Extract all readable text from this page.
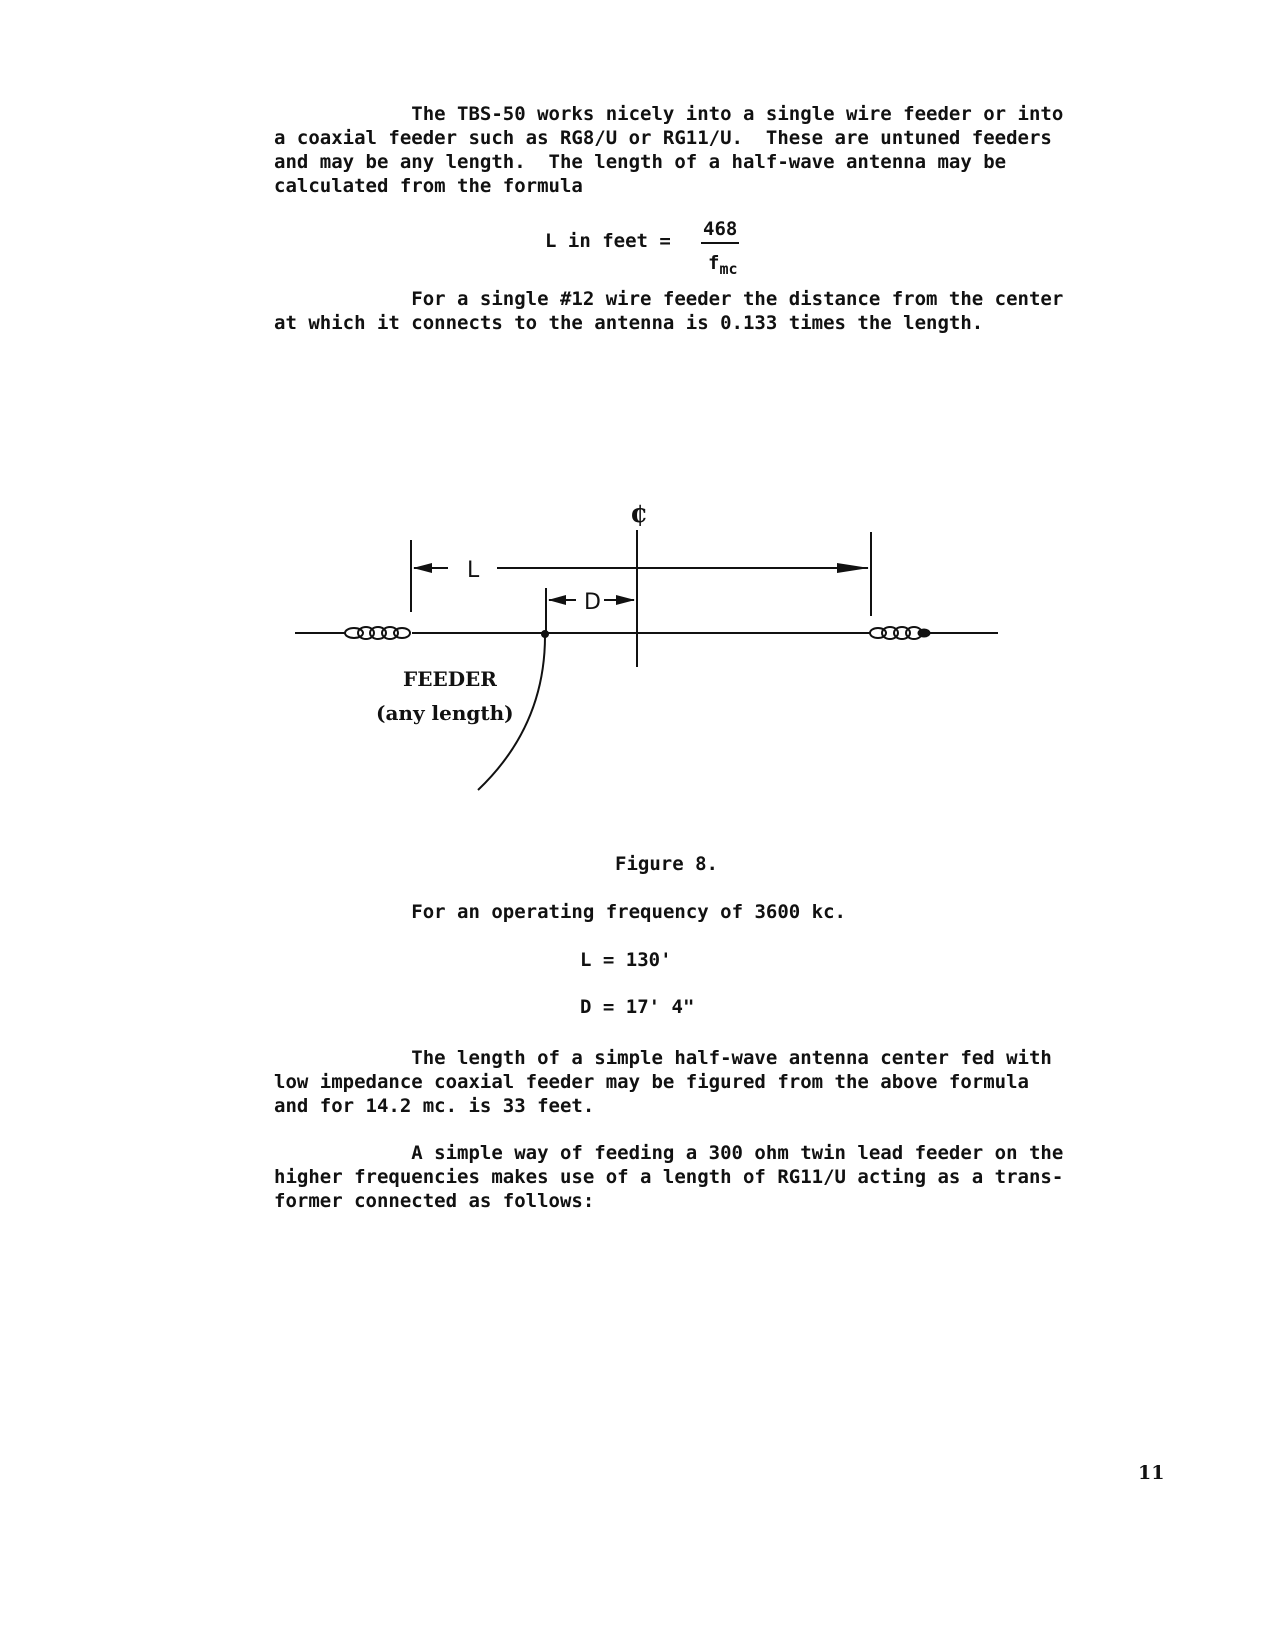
The TBS-50 works nicely into a single wire feeder or into

a coaxial feeder such as RG8/U or RG11/U.  These are untuned feeders

and may be any length.  The length of a half-wave antenna may be

calculated from the formula

L in feet =
468
$f_{mc}$

For a single #12 wire feeder the distance from the center

at which it connects to the antenna is 0.133 times the length.

¢
L
D
FEEDER
(any length)
Figure 8.
For an operating frequency of 3600 kc.
L = 130'
D = 17' 4"

The length of a simple half-wave antenna center fed with

low impedance coaxial feeder may be figured from the above formula

and for 14.2 mc. is 33 feet.

A simple way of feeding a 300 ohm twin lead feeder on the

higher frequencies makes use of a length of RG11/U acting as a trans-

former connected as follows:

11
